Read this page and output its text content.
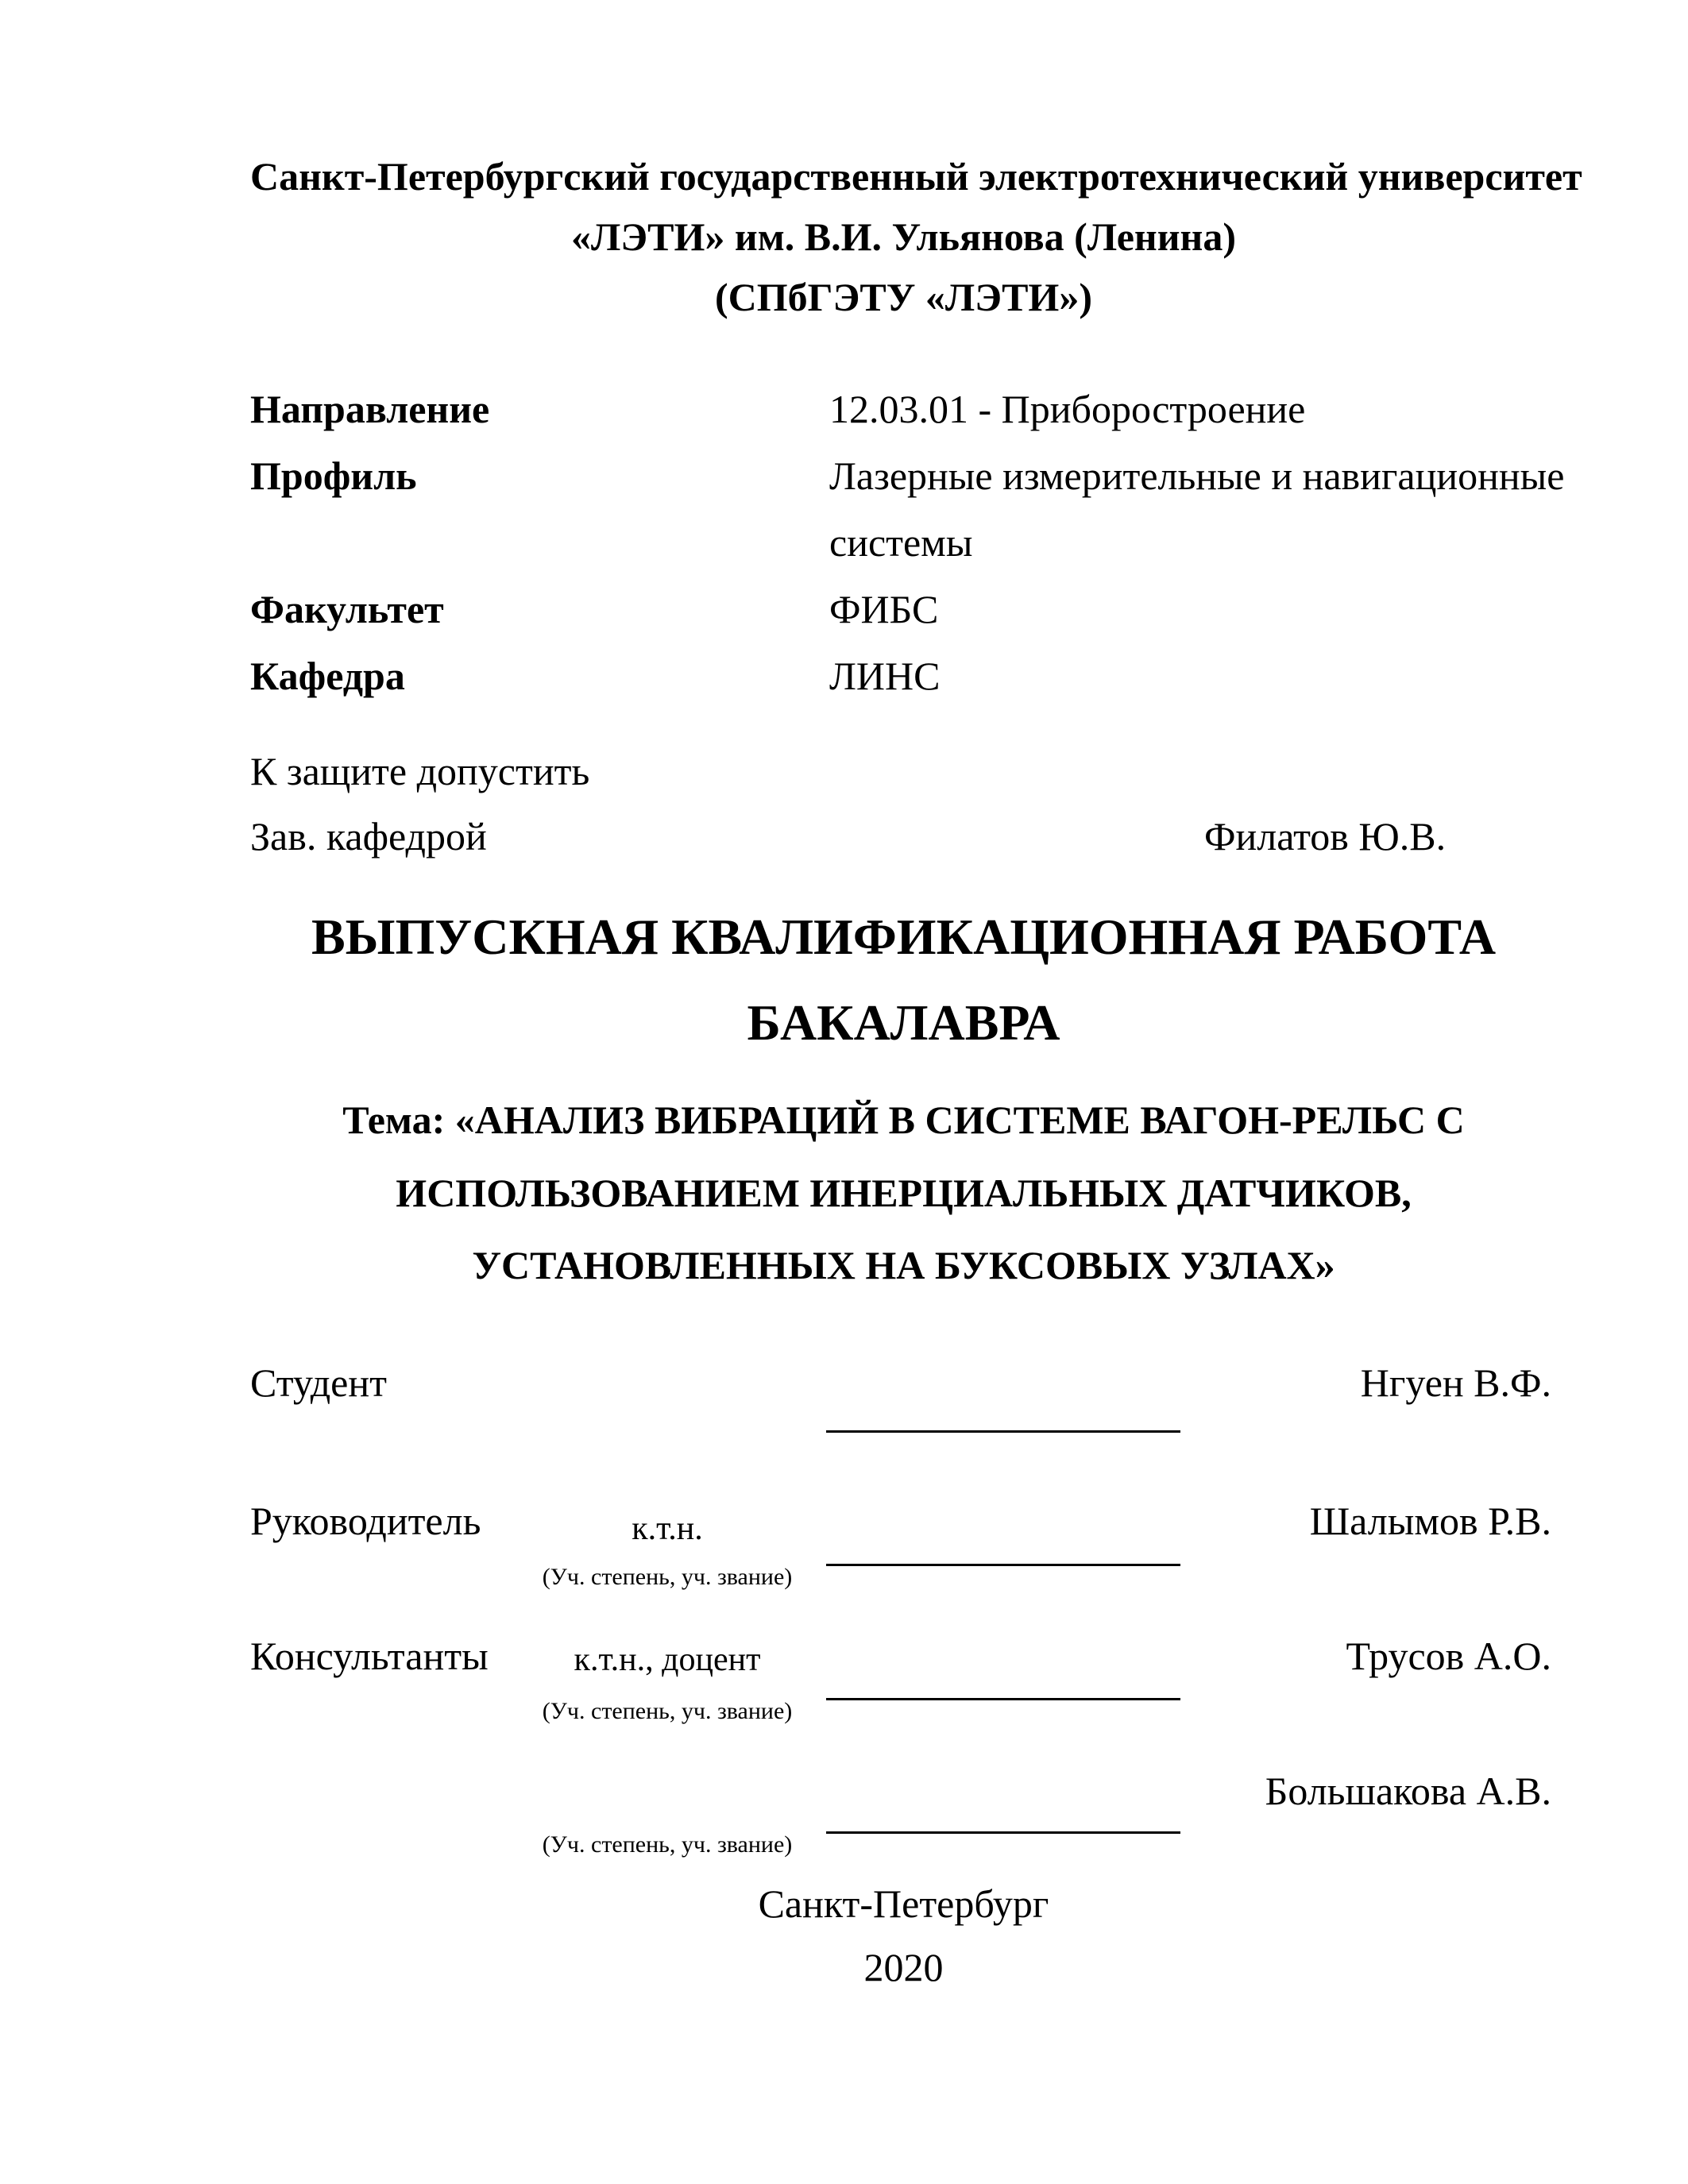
Санкт-Петербургский государственный электротехнический университет
«ЛЭТИ» им. В.И. Ульянова (Ленина)
(СПбГЭТУ «ЛЭТИ»)
Направление	12.03.01 - Приборостроение
Профиль	Лазерные измерительные и навигационные
системы
Факультет	ФИБС
Кафедра	ЛИНС
К защите допустить
Зав. кафедрой	Филатов Ю.В.
ВЫПУСКНАЯ КВАЛИФИКАЦИОННАЯ РАБОТА
БАКАЛАВРА
Тема: «АНАЛИЗ ВИБРАЦИЙ В СИСТЕМЕ ВАГОН-РЕЛЬС С
ИСПОЛЬЗОВАНИЕМ ИНЕРЦИАЛЬНЫХ ДАТЧИКОВ,
УСТАНОВЛЕННЫХ НА БУКСОВЫХ УЗЛАХ»
Студент	Нгуен В.Ф.
Руководитель	к.т.н.	Шалымов Р.В.
(Уч. степень, уч. звание)
Консультанты	к.т.н., доцент	Трусов А.О.
(Уч. степень, уч. звание)
Большакова А.В.
(Уч. степень, уч. звание)
Санкт-Петербург
2020
